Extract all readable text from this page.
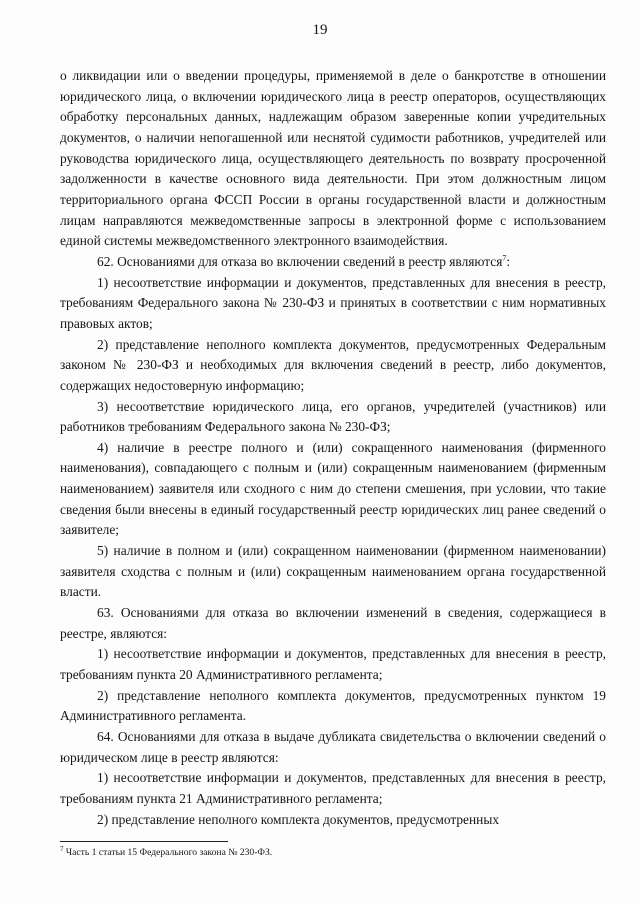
19

о ликвидации или о введении процедуры, применяемой в деле о банкротстве в отношении юридического лица, о включении юридического лица в реестр операторов, осуществляющих обработку персональных данных, надлежащим образом заверенные копии учредительных документов, о наличии непогашенной или неснятой судимости работников, учредителей или руководства юридического лица, осуществляющего деятельность по возврату просроченной задолженности в качестве основного вида деятельности. При этом должностным лицом территориального органа ФССП России в органы государственной власти и должностным лицам направляются межведомственные запросы в электронной форме с использованием единой системы межведомственного электронного взаимодействия.

62. Основаниями для отказа во включении сведений в реестр являются$^7$:

1) несоответствие информации и документов, представленных для внесения в реестр, требованиям Федерального закона № 230-ФЗ и принятых в соответствии с ним нормативных правовых актов;

2) представление неполного комплекта документов, предусмотренных Федеральным законом № 230-ФЗ и необходимых для включения сведений в реестр, либо документов, содержащих недостоверную информацию;

3) несоответствие юридического лица, его органов, учредителей (участников) или работников требованиям Федерального закона № 230-ФЗ;

4) наличие в реестре полного и (или) сокращенного наименования (фирменного наименования), совпадающего с полным и (или) сокращенным наименованием (фирменным наименованием) заявителя или сходного с ним до степени смешения, при условии, что такие сведения были внесены в единый государственный реестр юридических лиц ранее сведений о заявителе;

5) наличие в полном и (или) сокращенном наименовании (фирменном наименовании) заявителя сходства с полным и (или) сокращенным наименованием органа государственной власти.

63. Основаниями для отказа во включении изменений в сведения, содержащиеся в реестре, являются:

1) несоответствие информации и документов, представленных для внесения в реестр, требованиям пункта 20 Административного регламента;

2) представление неполного комплекта документов, предусмотренных пунктом 19 Административного регламента.

64. Основаниями для отказа в выдаче дубликата свидетельства о включении сведений о юридическом лице в реестр являются:

1) несоответствие информации и документов, представленных для внесения в реестр, требованиям пункта 21 Административного регламента;

2) представление неполного комплекта документов, предусмотренных

$^7$ Часть 1 статьи 15 Федерального закона № 230-ФЗ.
